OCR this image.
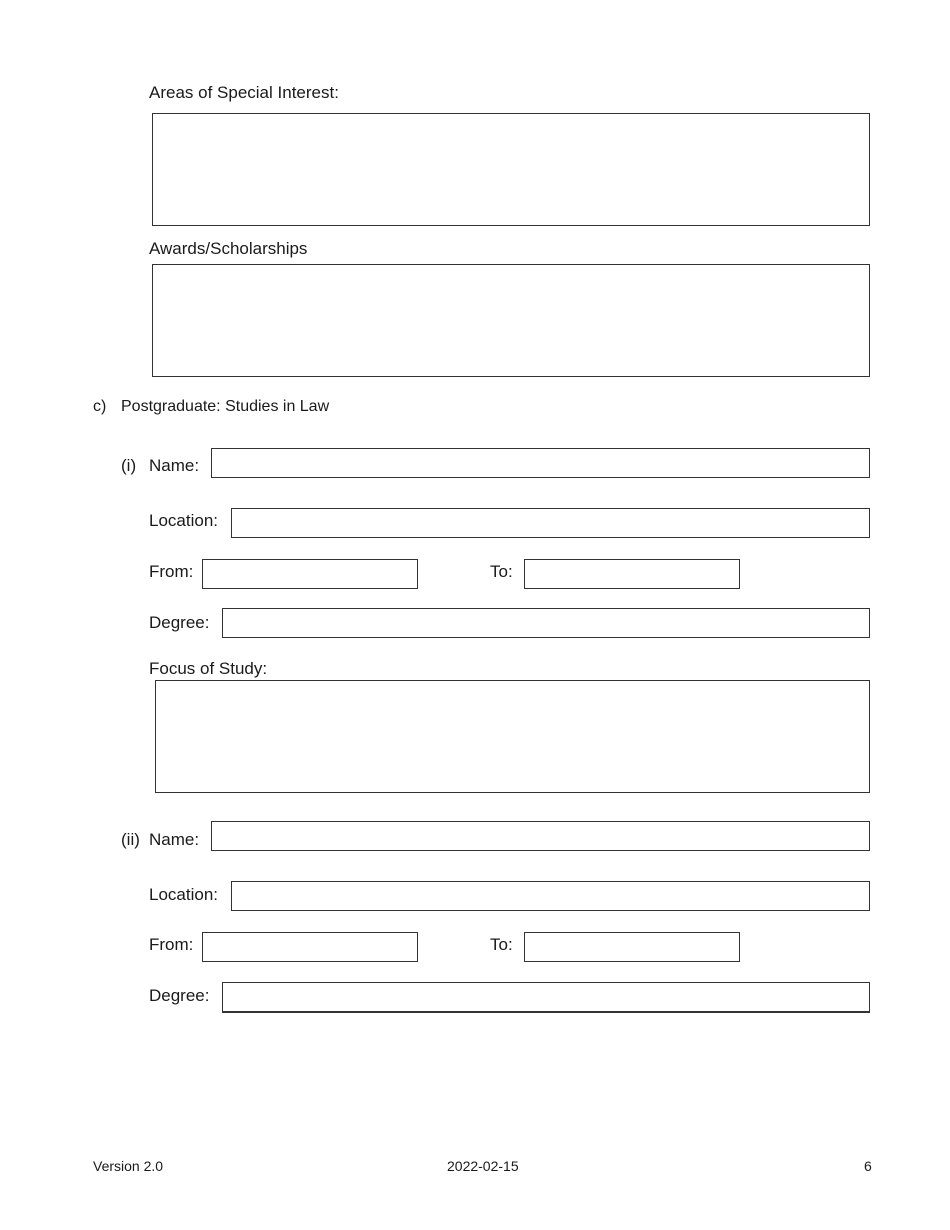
Areas of Special Interest:
Awards/Scholarships
c) Postgraduate: Studies in Law
(i) Name:
Location:
From:	To:
Degree:
Focus of Study:
(ii) Name:
Location:
From:	To:
Degree:
Version 2.0	2022-02-15	6
